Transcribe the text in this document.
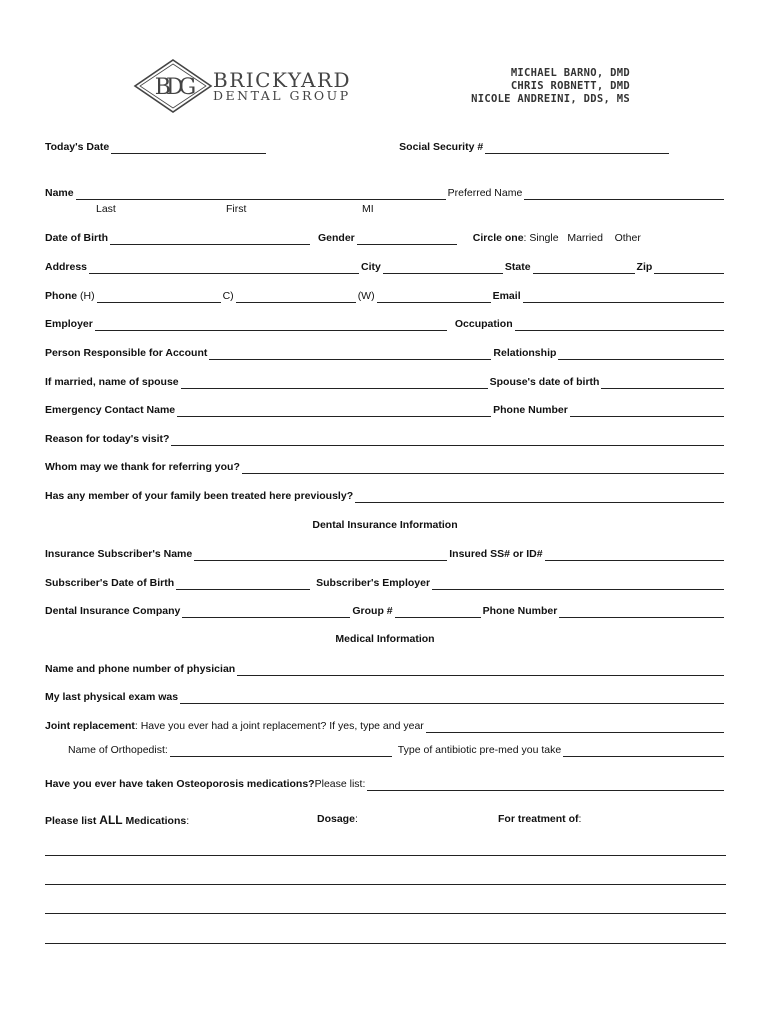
BDG BRICKYARD
DENTAL GROUP
MICHAEL BARNO, DMD
CHRIS ROBNETT, DMD
NICOLE ANDREINI, DDS, MS
Today's Date	Social Security #
Name	Preferred Name
Last	First	MI
Date of Birth	Gender	Circle one : Single   Married    Other
Address	City	State	Zip
Phone (H)	C)	(W)	Email
Employer	Occupation
Person Responsible for Account	Relationship
If married, name of spouse	Spouse's date of birth
Emergency Contact Name	Phone Number
Reason for today's visit?
Whom may we thank for referring you?
Has any member of your family been treated here previously?
Dental Insurance Information
Insurance Subscriber's Name	Insured SS# or ID#
Subscriber's Date of Birth	Subscriber's Employer
Dental Insurance Company	Group #	Phone Number
Medical Information
Name and phone number of physician
My last physical exam was
Joint replacement : Have you ever had a joint replacement? If yes, type and year
Name of Orthopedist:	Type of antibiotic pre-med you take
Have you ever have taken Osteoporosis medications? Please list:
Please list ALL Medications:	Dosage:	For treatment of:
